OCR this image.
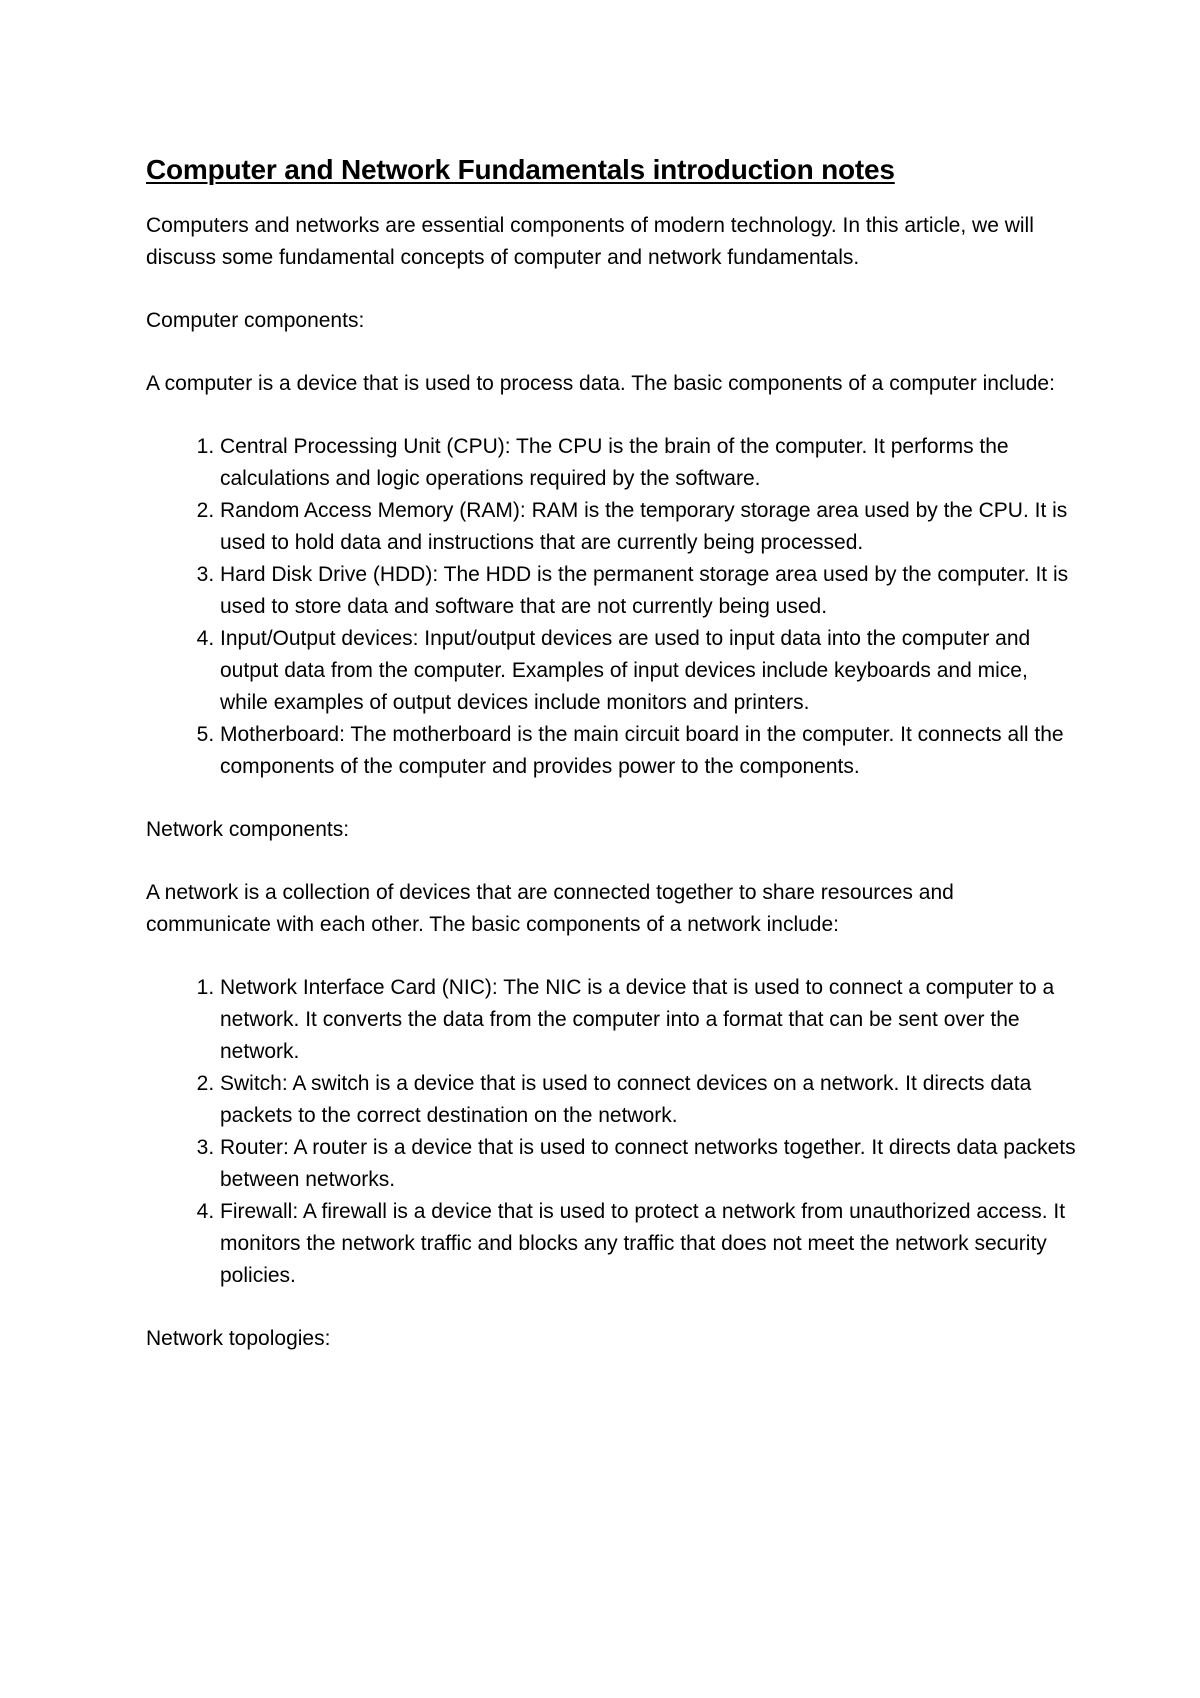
Computer and Network Fundamentals introduction notes

Computers and networks are essential components of modern technology. In this article, we will discuss some fundamental concepts of computer and network fundamentals.

Computer components:

A computer is a device that is used to process data. The basic components of a computer include:

1. Central Processing Unit (CPU): The CPU is the brain of the computer. It performs the calculations and logic operations required by the software.
2. Random Access Memory (RAM): RAM is the temporary storage area used by the CPU. It is used to hold data and instructions that are currently being processed.
3. Hard Disk Drive (HDD): The HDD is the permanent storage area used by the computer. It is used to store data and software that are not currently being used.
4. Input/Output devices: Input/output devices are used to input data into the computer and output data from the computer. Examples of input devices include keyboards and mice, while examples of output devices include monitors and printers.
5. Motherboard: The motherboard is the main circuit board in the computer. It connects all the components of the computer and provides power to the components.

Network components:

A network is a collection of devices that are connected together to share resources and communicate with each other. The basic components of a network include:

1. Network Interface Card (NIC): The NIC is a device that is used to connect a computer to a network. It converts the data from the computer into a format that can be sent over the network.
2. Switch: A switch is a device that is used to connect devices on a network. It directs data packets to the correct destination on the network.
3. Router: A router is a device that is used to connect networks together. It directs data packets between networks.
4. Firewall: A firewall is a device that is used to protect a network from unauthorized access. It monitors the network traffic and blocks any traffic that does not meet the network security policies.

Network topologies:
